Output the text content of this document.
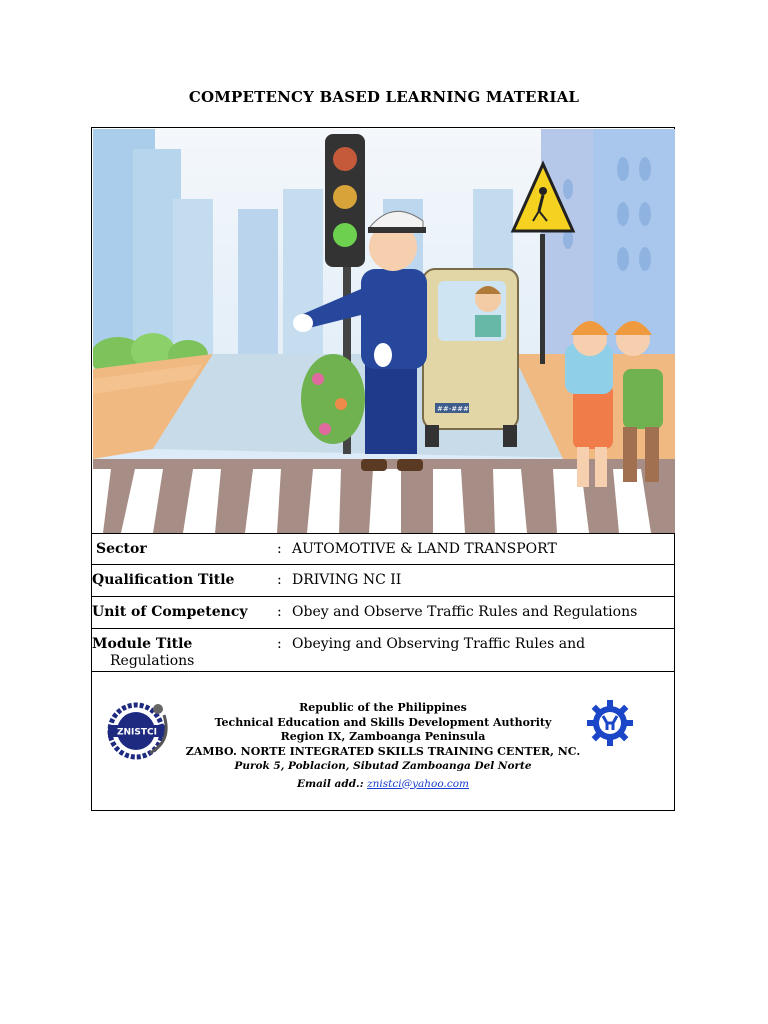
COMPETENCY BASED LEARNING MATERIAL
##-###
Sector	: AUTOMOTIVE & LAND TRANSPORT
Qualification Title	: DRIVING NC II
Unit of Competency : Obey and Observe Traffic Rules and Regulations
Module Title	: Obeying and Observing Traffic Rules and
Regulations
ZNISTCI
Republic of the Philippines
Technical Education and Skills Development Authority
Region IX, Zamboanga Peninsula
ZAMBO. NORTE INTEGRATED SKILLS TRAINING CENTER, NC.
Purok 5, Poblacion, Sibutad Zamboanga Del Norte
Email add.: znistci@yahoo.com
